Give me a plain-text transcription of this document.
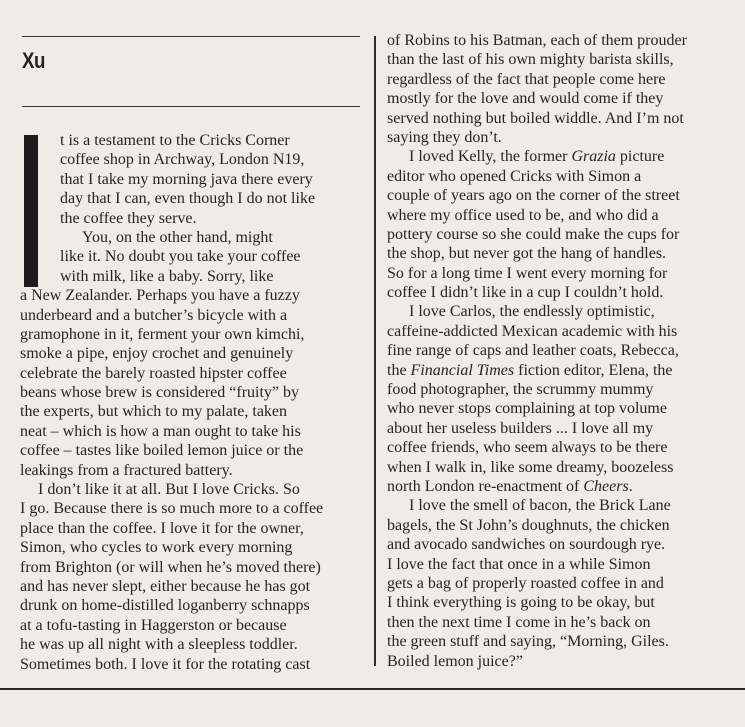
Xu
t is a testament to the Cricks Corner
coffee shop in Archway, London N19,
that I take my morning java there every
day that I can, even though I do not like
the coffee they serve.
You, on the other hand, might
like it. No doubt you take your coffee
with milk, like a baby. Sorry, like
a New Zealander. Perhaps you have a fuzzy
underbeard and a butcher’s bicycle with a
gramophone in it, ferment your own kimchi,
smoke a pipe, enjoy crochet and genuinely
celebrate the barely roasted hipster coffee
beans whose brew is considered “fruity” by
the experts, but which to my palate, taken
neat – which is how a man ought to take his
coffee – tastes like boiled lemon juice or the
leakings from a fractured battery.
I don’t like it at all. But I love Cricks. So
I go. Because there is so much more to a coffee
place than the coffee. I love it for the owner,
Simon, who cycles to work every morning
from Brighton (or will when he’s moved there)
and has never slept, either because he has got
drunk on home-distilled loganberry schnapps
at a tofu-tasting in Haggerston or because
he was up all night with a sleepless toddler.
Sometimes both. I love it for the rotating cast
of Robins to his Batman, each of them prouder
than the last of his own mighty barista skills,
regardless of the fact that people come here
mostly for the love and would come if they
served nothing but boiled widdle. And I’m not
saying they don’t.
I loved Kelly, the former Grazia picture
editor who opened Cricks with Simon a
couple of years ago on the corner of the street
where my office used to be, and who did a
pottery course so she could make the cups for
the shop, but never got the hang of handles.
So for a long time I went every morning for
coffee I didn’t like in a cup I couldn’t hold.
I love Carlos, the endlessly optimistic,
caffeine-addicted Mexican academic with his
fine range of caps and leather coats, Rebecca,
the Financial Times fiction editor, Elena, the
food photographer, the scrummy mummy
who never stops complaining at top volume
about her useless builders ... I love all my
coffee friends, who seem always to be there
when I walk in, like some dreamy, boozeless
north London re-enactment of Cheers.
I love the smell of bacon, the Brick Lane
bagels, the St John’s doughnuts, the chicken
and avocado sandwiches on sourdough rye.
I love the fact that once in a while Simon
gets a bag of properly roasted coffee in and
I think everything is going to be okay, but
then the next time I come in he’s back on
the green stuff and saying, “Morning, Giles.
Boiled lemon juice?”
